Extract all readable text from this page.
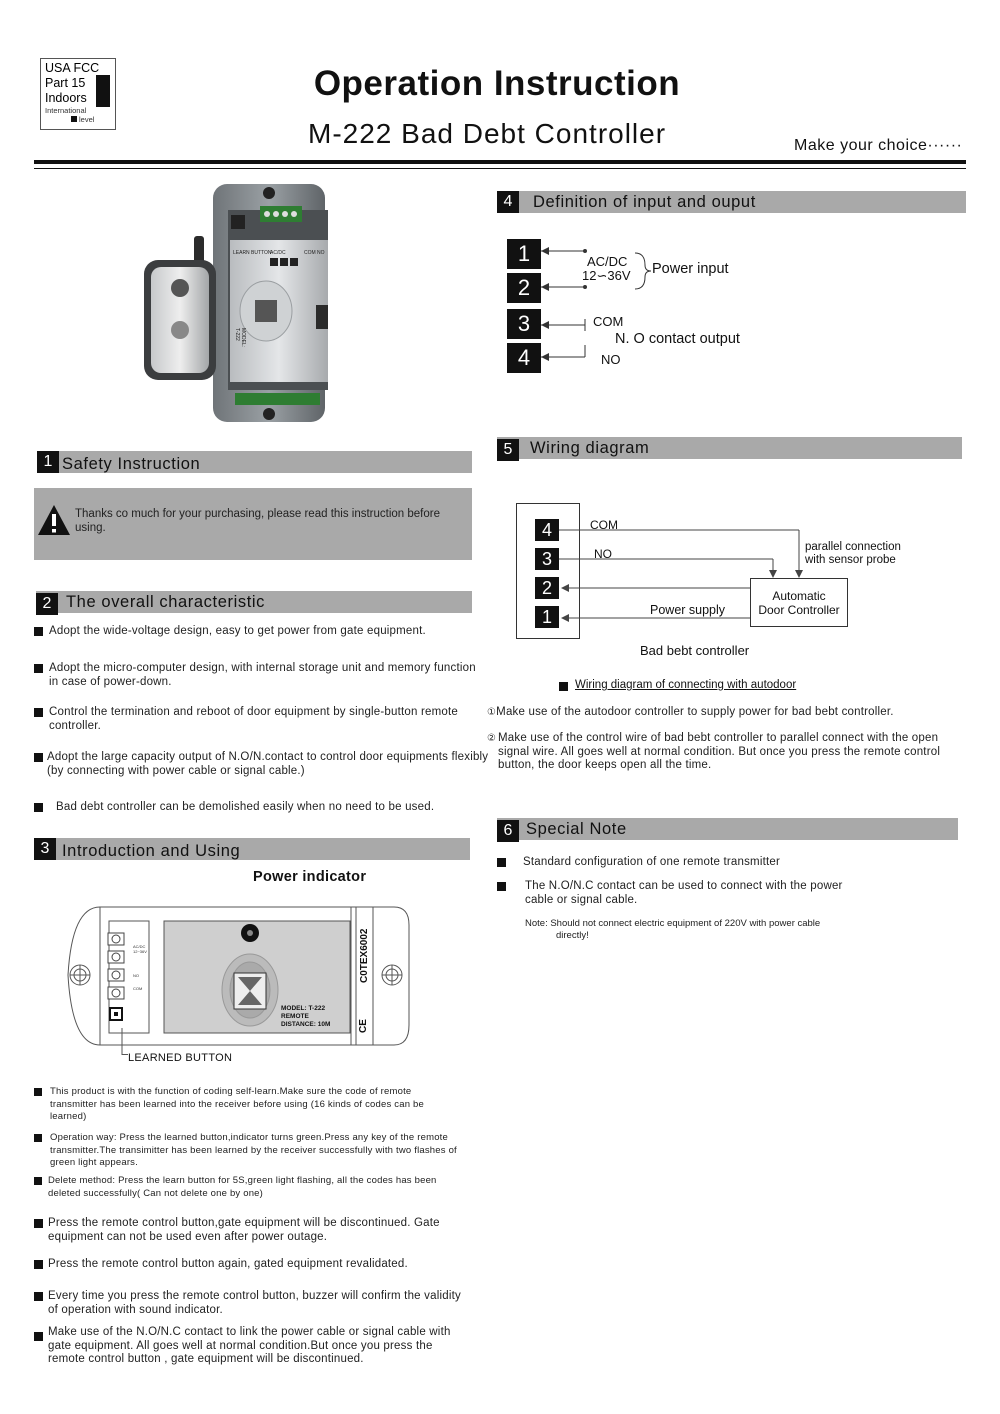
USA FCC
Part 15
Indoors
International
level
Operation Instruction
M-222 Bad Debt Controller	Make your choice······
LEARN BUTTON
AC/DC	COM NO
MODEL:
T-222
4	Definition of input and ouput
1
2
3
4
AC/DC
12∽36V Power input
COM
N. O contact output
NO
1 Safety Instruction
Thanks co much for your purchasing, please read this instruction before using.
5	Wiring diagram
4
3
2
1
COM
NO	parallel connection
with sensor probe
Automatic
Door Controller
Power supply
Bad bebt controller
Wiring diagram of connecting with autodoor
①Make use of the autodoor controller to supply power for bad bebt controller.
② Make use of the control wire of bad bebt controller to parallel connect with the open signal wire. All goes well at normal condition. But once you press the remote control button, the door keeps open all the time.
2 The overall characteristic
Adopt the wide-voltage design, easy to get power from gate equipment.
Adopt the micro-computer design, with internal storage unit and memory function in case of power-down.
Control the termination and reboot of door equipment by single-button remote controller.
Adopt the large capacity output of N.O/N.contact to control door equipments flexibly (by connecting with power cable or signal cable.)
Bad debt controller can be demolished easily when no need to be used.
6 Special Note
Standard configuration of one remote transmitter
The N.O/N.C contact can be used to connect with the power cable or signal cable.
Note: Should not connect electric equipment of 220V with power cable
directly!
3 Introduction and Using
Power indicator
C0TEX6002
CE
MODEL: T-222
REMOTE
DISTANCE: 10M
AC/DC
12~36V
NO
COM
LEARNED BUTTON
This product is with the function of coding self-learn.Make sure the code of remote transmitter has been learned into the receiver before using (16 kinds of codes can be learned)
Operation way: Press the learned button,indicator turns green.Press any key of the remote transmitter.The transimitter has been learned by the receiver successfully with two flashes of green light appears.
Delete method: Press the learn button for 5S,green light flashing, all the codes has been deleted successfully( Can not delete one by one)
Press the remote control button,gate equipment will be discontinued. Gate equipment can not be used even after power outage.
Press the remote control button again, gated equipment revalidated.
Every time you press the remote control button, buzzer will confirm the validity of operation with sound indicator.
Make use of the N.O/N.C contact to link the power cable or signal cable with gate equipment. All goes well at normal condition.But once you press the remote control button , gate equipment will be discontinued.
